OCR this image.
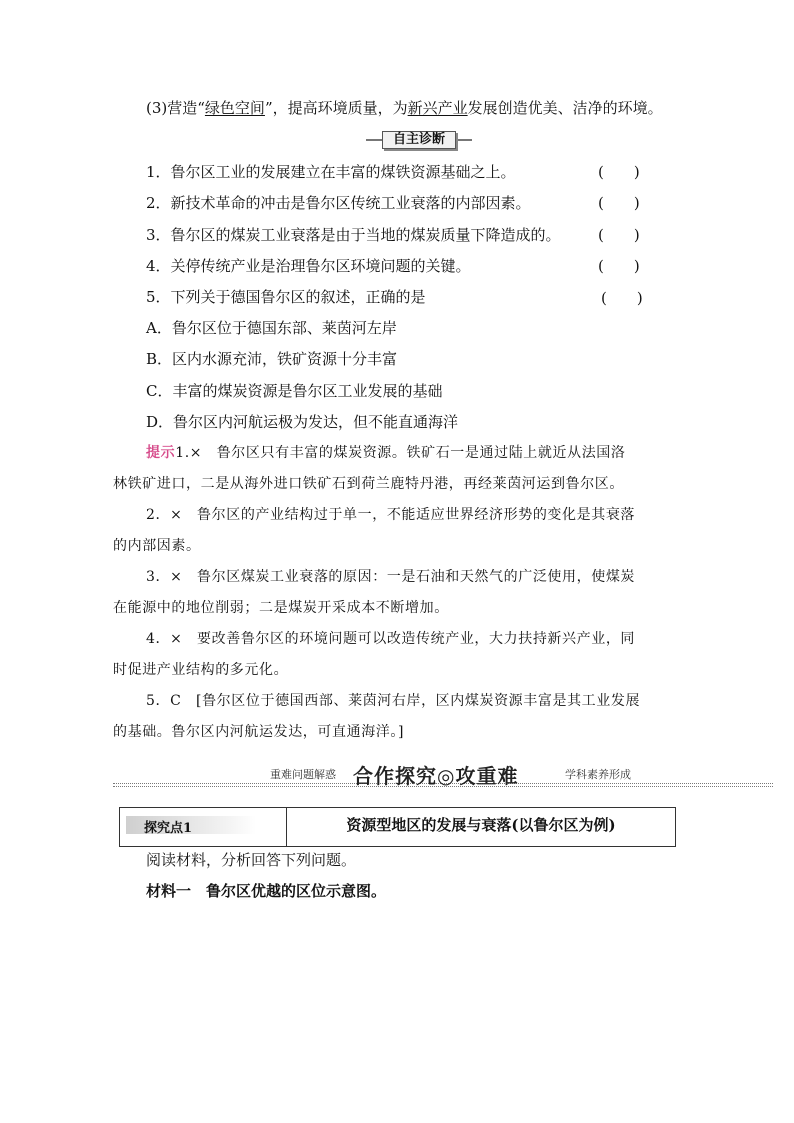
(3)营造“绿色空间”，提高环境质量，为新兴产业发展创造优美、洁净的环境。
自主诊断
1．鲁尔区工业的发展建立在丰富的煤铁资源基础之上。	(　　)
2．新技术革命的冲击是鲁尔区传统工业衰落的内部因素。	(　　)
3．鲁尔区的煤炭工业衰落是由于当地的煤炭质量下降造成的。 (　　)
4．关停传统产业是治理鲁尔区环境问题的关键。	(　　)
5．下列关于德国鲁尔区的叙述，正确的是	(　　)
A．鲁尔区位于德国东部、莱茵河左岸
B．区内水源充沛，铁矿资源十分丰富
C．丰富的煤炭资源是鲁尔区工业发展的基础
D．鲁尔区内河航运极为发达，但不能直通海洋
提示1.×　鲁尔区只有丰富的煤炭资源。铁矿石一是通过陆上就近从法国洛
林铁矿进口，二是从海外进口铁矿石到荷兰鹿特丹港，再经莱茵河运到鲁尔区。
2．×　鲁尔区的产业结构过于单一，不能适应世界经济形势的变化是其衰落
的内部因素。
3．×　鲁尔区煤炭工业衰落的原因：一是石油和天然气的广泛使用，使煤炭
在能源中的地位削弱；二是煤炭开采成本不断增加。
4．×　要改善鲁尔区的环境问题可以改造传统产业，大力扶持新兴产业，同
时促进产业结构的多元化。
5．C　[鲁尔区位于德国西部、莱茵河右岸，区内煤炭资源丰富是其工业发展
的基础。鲁尔区内河航运发达，可直通海洋。]
重难问题解惑 合作探究◎攻重难	学科素养形成
探究点1	资源型地区的发展与衰落(以鲁尔区为例)
阅读材料，分析回答下列问题。
材料一　鲁尔区优越的区位示意图。
